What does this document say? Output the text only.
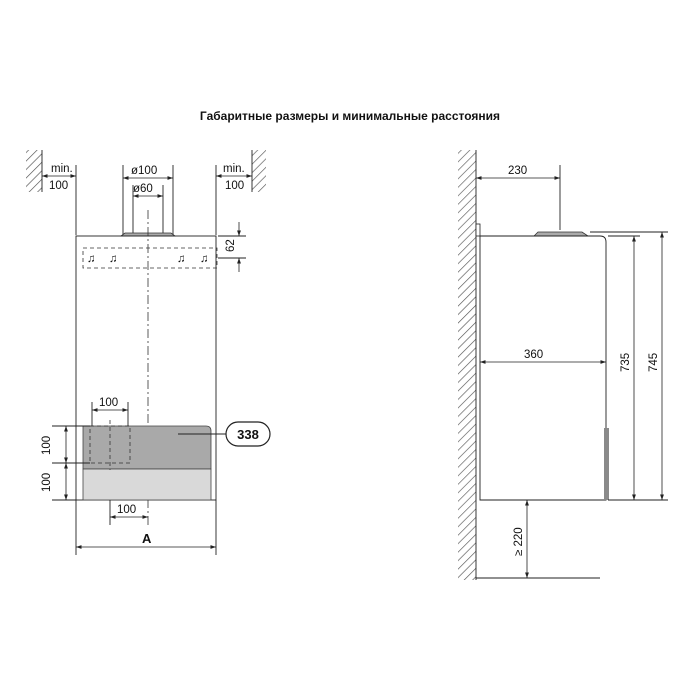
Габаритные размеры и минимальные расстояния
min.
100
min.
100
ø100
ø60
♫ ♫	♫ ♫
62
100
338
100
100
100
A
230
360	735 745
≥ 220
